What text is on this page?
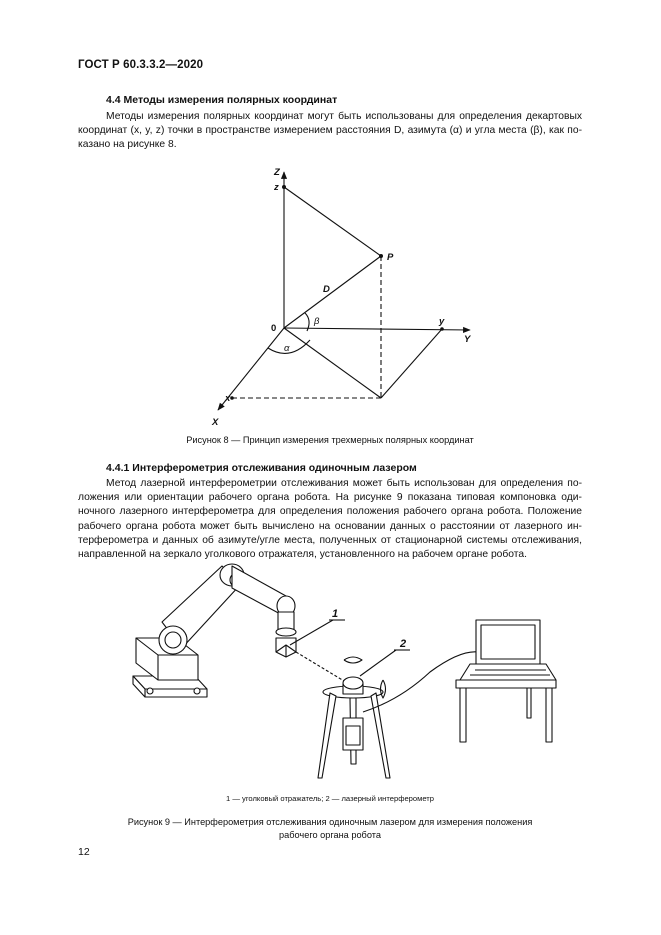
ГОСТ Р 60.3.3.2—2020
4.4 Методы измерения полярных координат

Методы измерения полярных координат могут быть использованы для определения декартовых

координат (x, y, z) точки в пространстве измерением расстояния D, азимута (α) и угла места (β), как по-

казано на рисунке 8.

Z
z
P
D
0
β
α
y
Y
x
X
Рисунок 8 — Принцип измерения трехмерных полярных координат
4.4.1 Интерферометрия отслеживания одиночным лазером

Метод лазерной интерферометрии отслеживания может быть использован для определения по-

ложения или ориентации рабочего органа робота. На рисунке 9 показана типовая компоновка оди-

ночного лазерного интерферометра для определения положения рабочего органа робота. Положение

рабочего органа робота может быть вычислено на основании данных о расстоянии от лазерного ин-

терферометра и данных об азимуте/угле места, полученных от стационарной системы отслеживания,

направленной на зеркало уголкового отражателя, установленного на рабочем органе робота.

1
2
1 — уголковый отражатель; 2 — лазерный интерферометр
Рисунок 9 — Интерферометрия отслеживания одиночным лазером для измерения положения
рабочего органа робота
12
